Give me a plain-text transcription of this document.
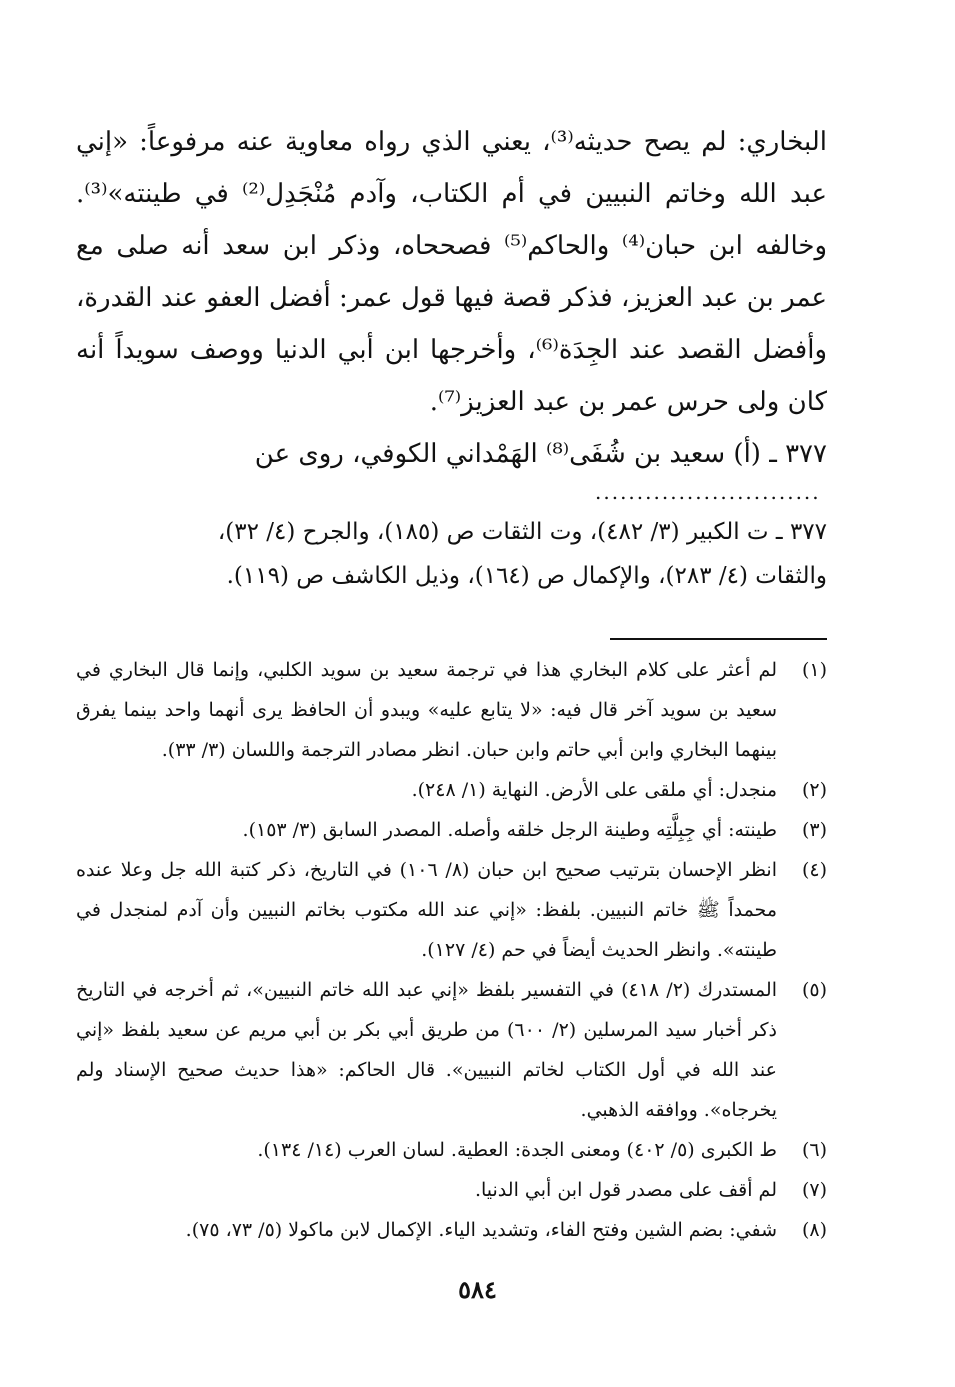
البخاري: لم يصح حديثه⁽³⁾، يعني الذي رواه معاوية عنه مرفوعاً: «إني عبد الله وخاتم النبيين في أم الكتاب، وآدم مُنْجَدِل⁽²⁾ في طينته»⁽³⁾. وخالفه ابن حبان⁽⁴⁾ والحاكم⁽⁵⁾ فصححاه، وذكر ابن سعد أنه صلى مع عمر بن عبد العزيز، فذكر قصة فيها قول عمر: أفضل العفو عند القدرة، وأفضل القصد عند الجِدَة⁽⁶⁾، وأخرجها ابن أبي الدنيا ووصف سويداً أنه كان ولى حرس عمر بن عبد العزيز⁽⁷⁾.

٣٧٧ ـ (أ) سعيد بن شُفَى⁽⁸⁾ الهَمْداني الكوفي، روى عن

...........................

٣٧٧ ـ ت الكبير (٣/ ٤٨٢)، وت الثقات ص (١٨٥)، والجرح (٤/ ٣٢)،

والثقات (٤/ ٢٨٣)، والإكمال ص (١٦٤)، وذيل الكاشف ص (١١٩).

(١)
لم أعثر على كلام البخاري هذا في ترجمة سعيد بن سويد الكلبي، وإنما قال البخاري في سعيد بن سويد آخر قال فيه: «لا يتابع عليه» ويبدو أن الحافظ يرى أنهما واحد بينما يفرق بينهما البخاري وابن أبي حاتم وابن حبان. انظر مصادر الترجمة واللسان (٣/ ٣٣).
(٢)
منجدل: أي ملقى على الأرض. النهاية (١/ ٢٤٨).
(٣)
طينته: أي جِبِلَّتِه وطينة الرجل خلقه وأصله. المصدر السابق (٣/ ١٥٣).
(٤)
انظر الإحسان بترتيب صحيح ابن حبان (٨/ ١٠٦) في التاريخ، ذكر كتبة الله جل وعلا عنده محمداً ﷺ خاتم النبيين. بلفظ: «إني عند الله مكتوب بخاتم النبيين وأن آدم لمنجدل في طينته». وانظر الحديث أيضاً في حم (٤/ ١٢٧).
(٥)
المستدرك (٢/ ٤١٨) في التفسير بلفظ «إني عبد الله خاتم النبيين»، ثم أخرجه في التاريخ ذكر أخبار سيد المرسلين (٢/ ٦٠٠) من طريق أبي بكر بن أبي مريم عن سعيد بلفظ «إني عند الله في أول الكتاب لخاتم النبيين». قال الحاكم: «هذا حديث صحيح الإسناد ولم يخرجاه». ووافقه الذهبي.
(٦)
ط الكبرى (٥/ ٤٠٢) ومعنى الجدة: العطية. لسان العرب (١٤/ ١٣٤).
(٧)
لم أقف على مصدر قول ابن أبي الدنيا.
(٨)
شفي: بضم الشين وفتح الفاء، وتشديد الياء. الإكمال لابن ماكولا (٥/ ٧٣، ٧٥).
٥٨٤
